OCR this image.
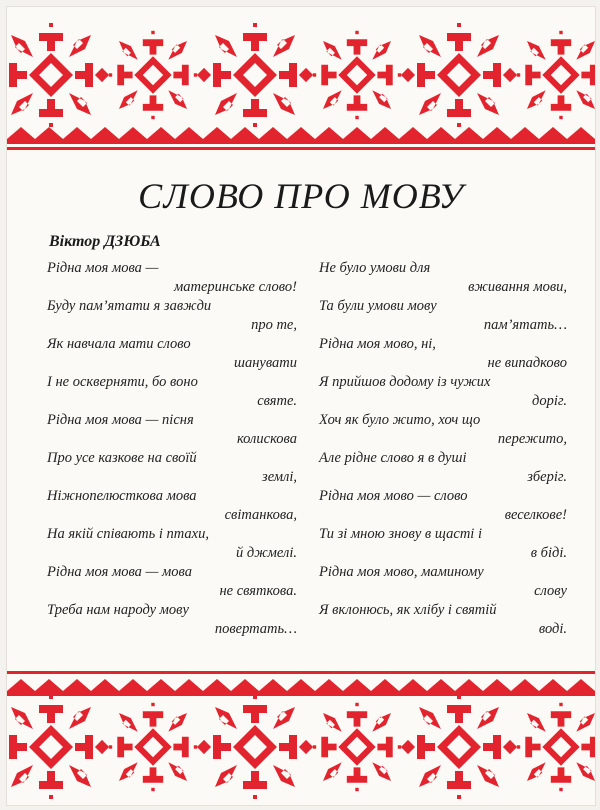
СЛОВО ПРО МОВУ
Віктор ДЗЮБА
Рідна моя мова —
материнське слово!
Буду пам’ятати я завжди
про те,
Як навчала мати слово
шанувати
І не оскверняти, бо воно
святе.
Рідна моя мова — пісня
колискова
Про усе казкове на своїй
землі,
Ніжнопелюсткова мова
світанкова,
На якій співають і птахи,
й джмелі.
Рідна моя мова — мова
не святкова.
Треба нам народу мову
повертать…
Не було умови для
вживання мови,
Та були умови мову
пам’ятать…
Рідна моя мово, ні,
не випадково
Я прийшов додому із чужих
доріг.
Хоч як було жито, хоч що
пережито,
Але рідне слово я в душі
зберіг.
Рідна моя мово — слово
веселкове!
Ти зі мною знову в щасті і
в біді.
Рідна моя мово, маминому
слову
Я вклонюсь, як хлібу і святій
воді.
